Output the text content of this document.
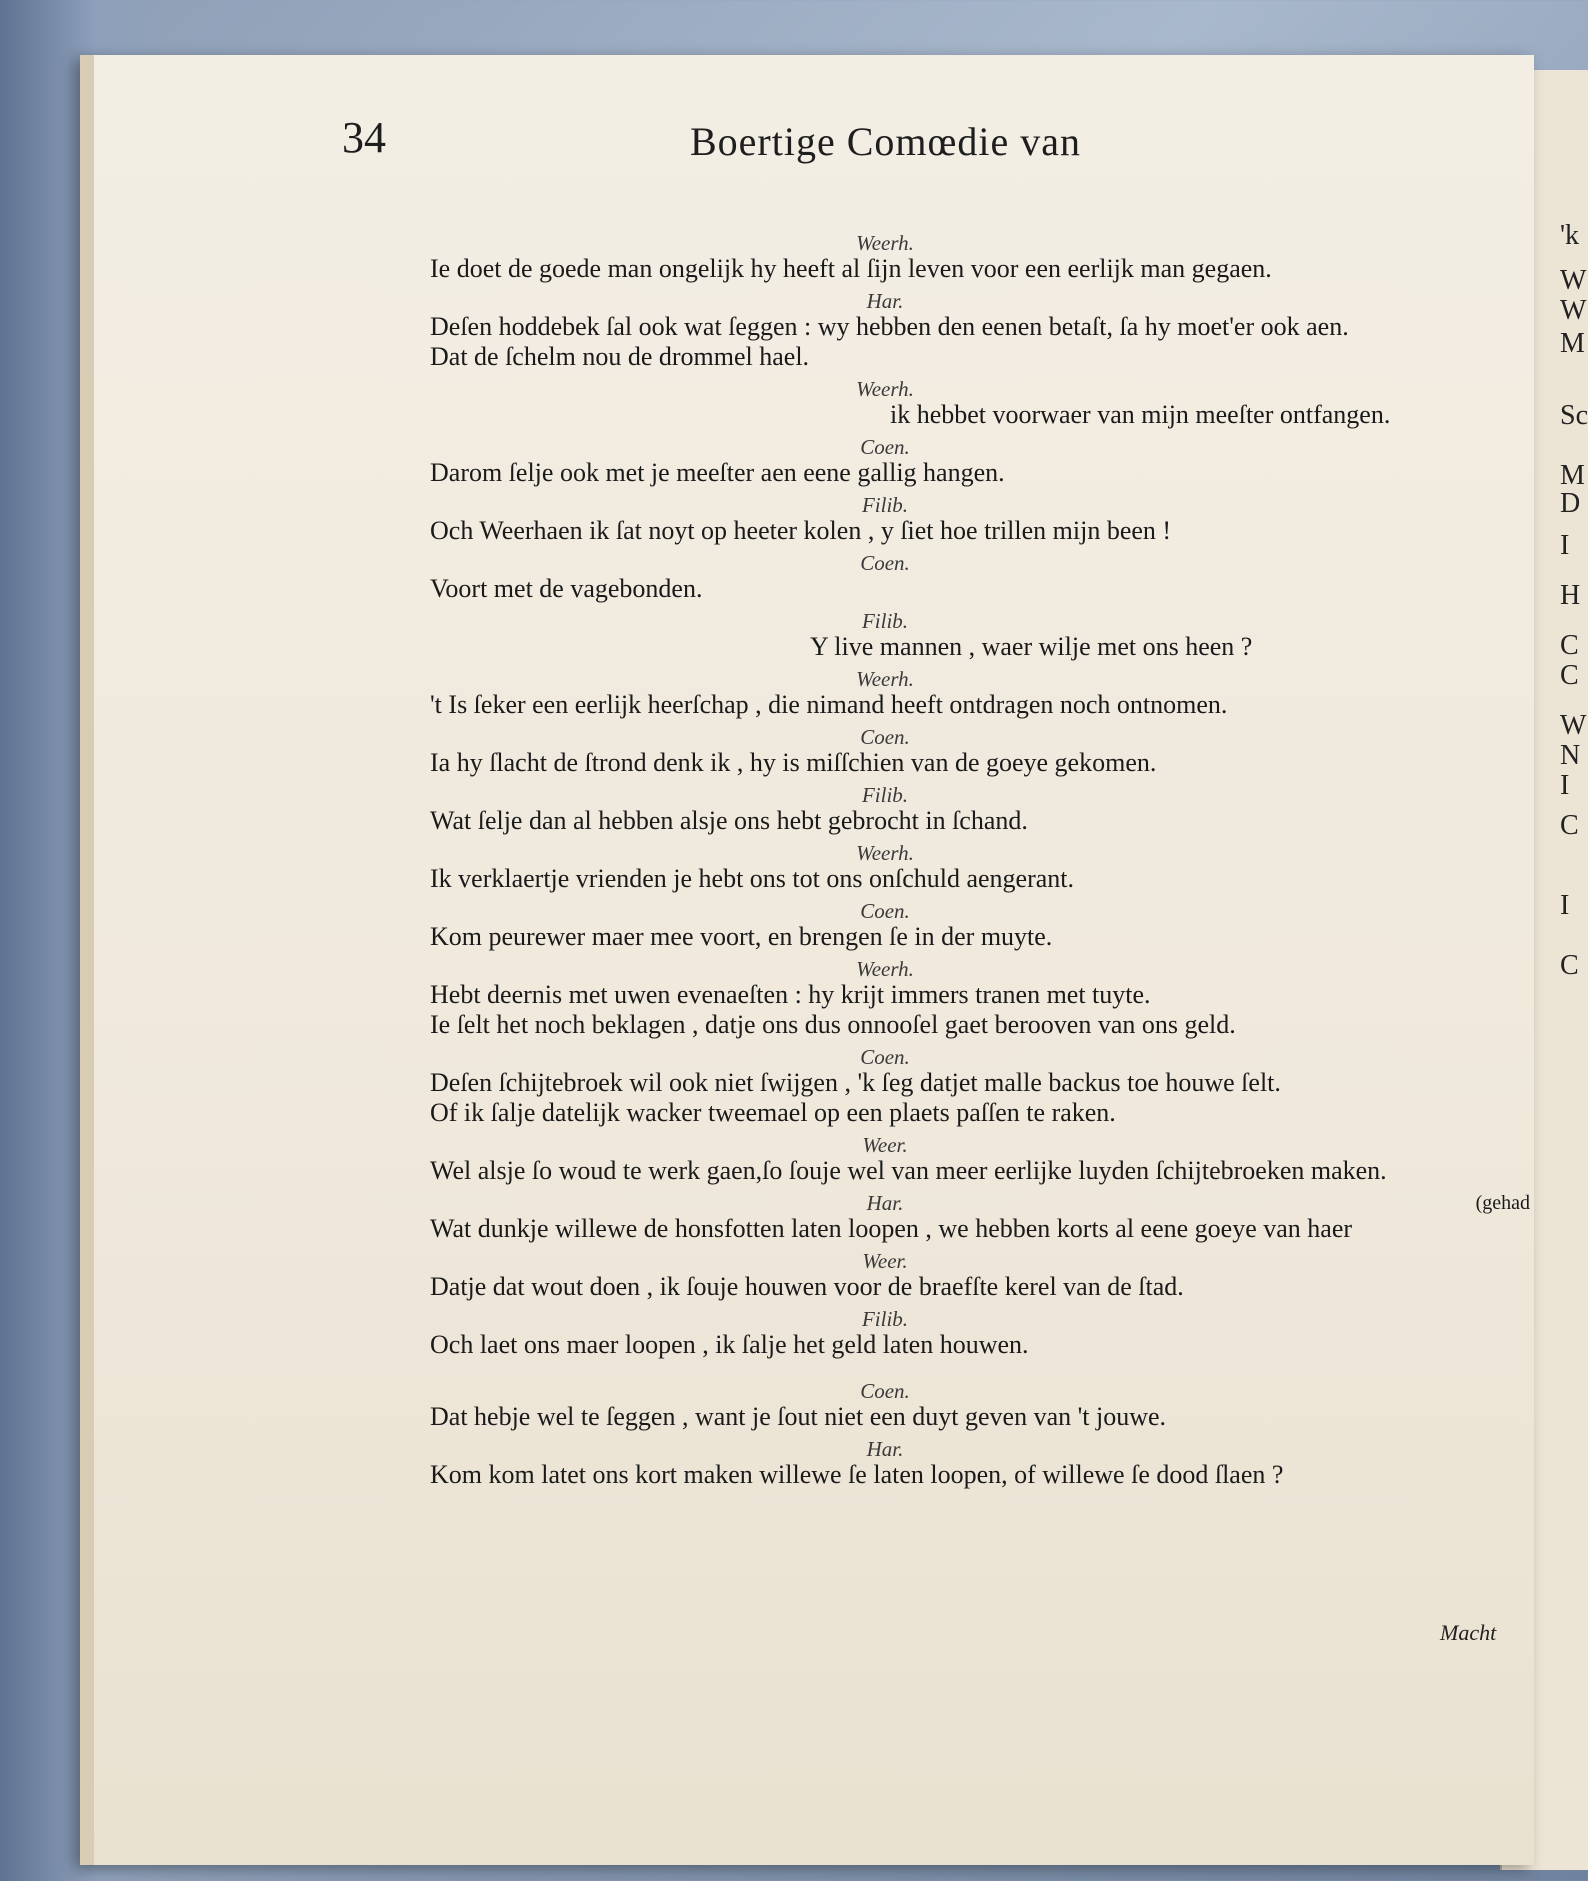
'k
W
W
M
Sc
M
D
I
H
C
C
W
N
I
C
I
C
34	Boertige Comœdie van
Weerh.
Ie doet de goede man ongelijk hy heeft al ſijn leven voor een eerlijk man gegaen.
Har.
Deſen hoddebek ſal ook wat ſeggen : wy hebben den eenen betaſt, ſa hy moet'er ook aen.
Dat de ſchelm nou de drommel hael.
Weerh.
ik hebbet voorwaer van mijn meeſter ontfangen.
Coen.
Darom ſelje ook met je meeſter aen eene gallig hangen.
Filib.
Och Weerhaen ik ſat noyt op heeter kolen , y ſiet hoe trillen mijn been !
Coen.
Voort met de vagebonden.
Filib.
Y live mannen , waer wilje met ons heen ?
Weerh.
't Is ſeker een eerlijk heerſchap , die nimand heeft ontdragen noch ontnomen.
Coen.
Ia hy ſlacht de ſtrond denk ik , hy is miſſchien van de goeye gekomen.
Filib.
Wat ſelje dan al hebben alsje ons hebt gebrocht in ſchand.
Weerh.
Ik verklaertje vrienden je hebt ons tot ons onſchuld aengerant.
Coen.
Kom peurewer maer mee voort, en brengen ſe in der muyte.
Weerh.
Hebt deernis met uwen evenaeſten : hy krijt immers tranen met tuyte.
Ie ſelt het noch beklagen , datje ons dus onnooſel gaet berooven van ons geld.
Coen.
Deſen ſchijtebroek wil ook niet ſwijgen , 'k ſeg datjet malle backus toe houwe ſelt.
Of ik ſalje datelijk wacker tweemael op een plaets paſſen te raken.
Weer.
Wel alsje ſo woud te werk gaen,ſo ſouje wel van meer eerlijke luyden ſchijtebroeken maken.
Har.
Wat dunkje willewe de honsfotten laten loopen , we hebben korts al eene goeye van haer
(gehad
Weer.
Datje dat wout doen , ik ſouje houwen voor de braefſte kerel van de ſtad.
Filib.
Och laet ons maer loopen , ik ſalje het geld laten houwen.
Coen.
Dat hebje wel te ſeggen , want je ſout niet een duyt geven van 't jouwe.
Har.
Kom kom latet ons kort maken willewe ſe laten loopen, of willewe ſe dood ſlaen ?
Macht
